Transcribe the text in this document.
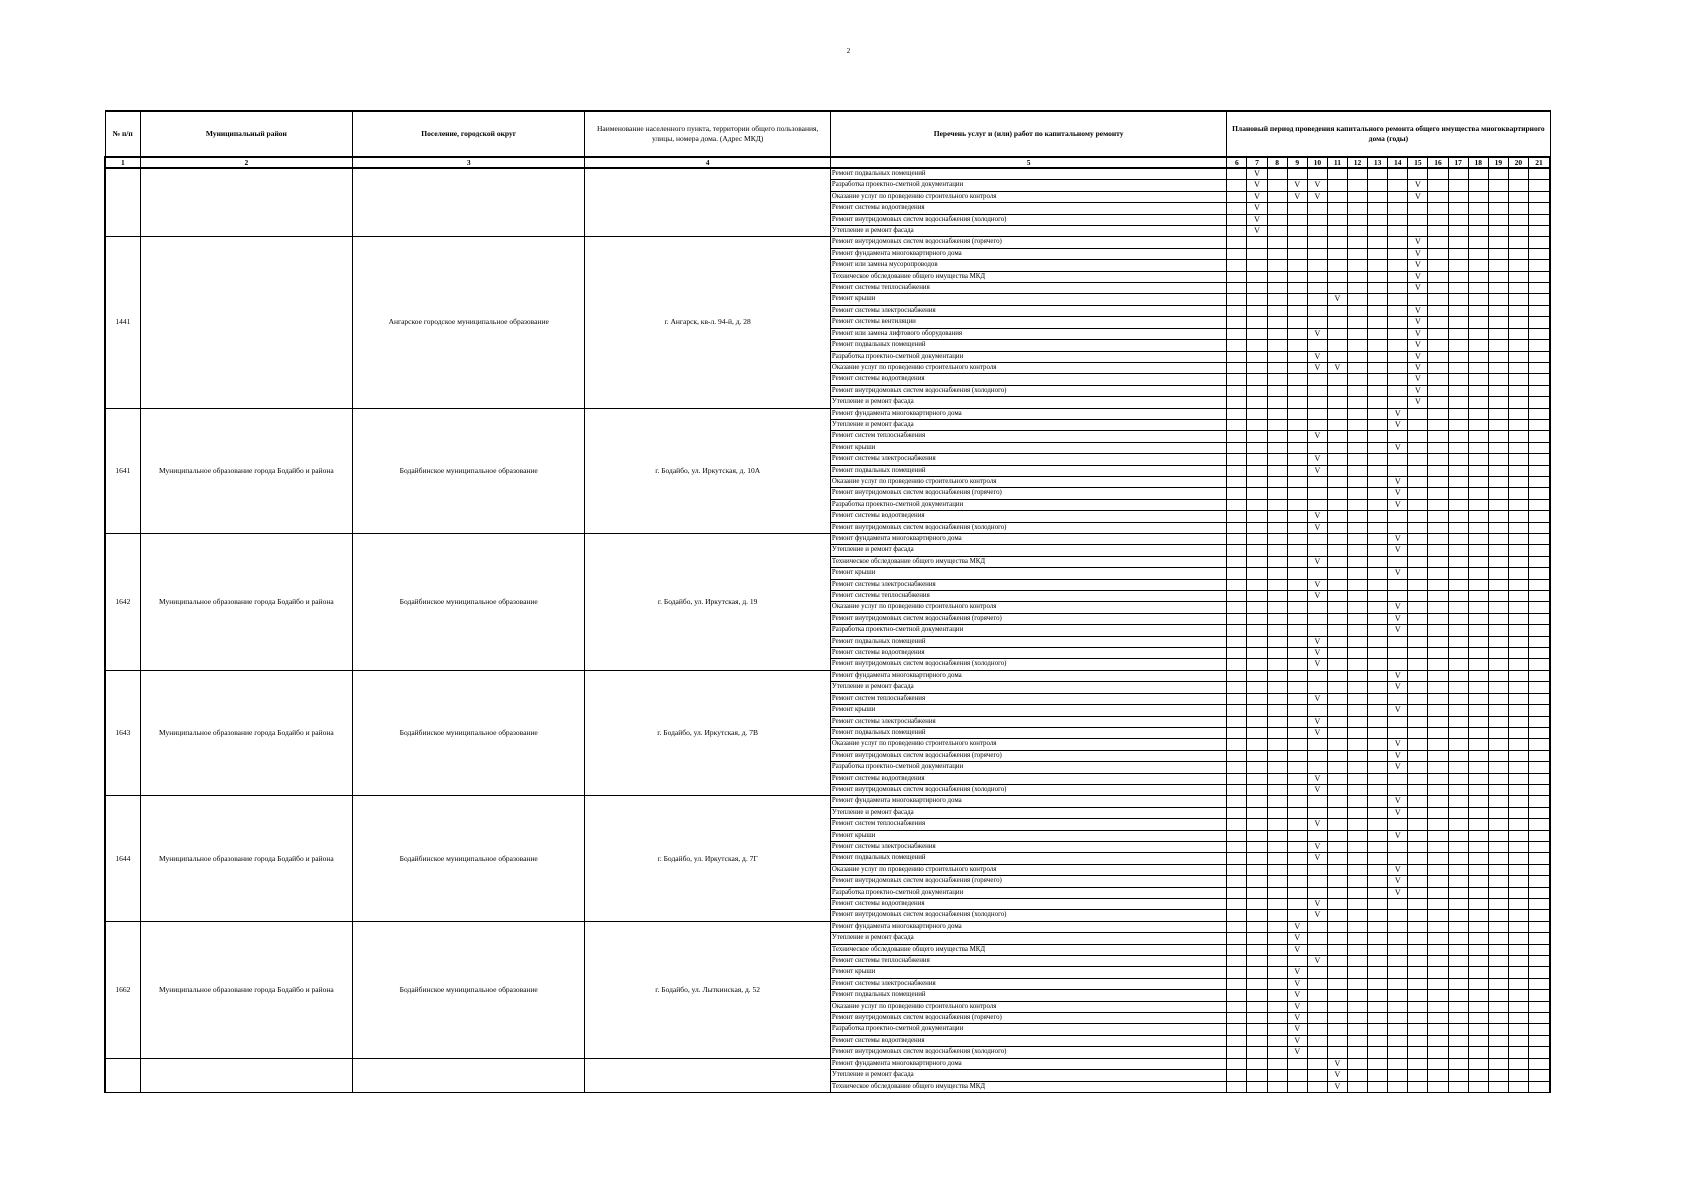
2
№ п/п	Муниципальный район	Поселение, городской округ	Наименование населенного пункта, территории общего пользования, улицы, номера дома. (Адрес МКД)	Перечень услуг и (или) работ по капитальному ремонту	Плановый период проведения капитального ремонта общего имущества многоквартирного дома (годы)															
1	2	3	4	5	6	7	8	9	10	11	12	13	14	15	16	17	18	19	20	21
				Ремонт подвальных помещений		V														
				Разработка проектно-сметной документации		V		V	V					V						
				Оказание услуг по проведению строительного контроля		V		V	V					V						
				Ремонт системы водоотведения		V														
				Ремонт внутридомовых систем водоснабжения (холодного)		V														
				Утепление и ремонт фасада		V														
1441		Ангарское городское муниципальное образование	г. Ангарск, кв-л. 94-й, д. 28	Ремонт внутридомовых систем водоснабжения (горячего)										V						
				Ремонт фундамента многоквартирного дома										V						
				Ремонт или замена мусоропроводов										V						
				Техническое обследование общего имущества МКД										V						
				Ремонт системы теплоснабжения										V						
				Ремонт крыши						V										
				Ремонт системы электроснабжения										V						
				Ремонт системы вентиляции										V						
				Ремонт или замена лифтового оборудования					V					V						
				Ремонт подвальных помещений										V						
				Разработка проектно-сметной документации					V					V						
				Оказание услуг по проведению строительного контроля					V	V				V						
				Ремонт системы водоотведения										V						
				Ремонт внутридомовых систем водоснабжения (холодного)										V						
				Утепление и ремонт фасада										V						
1641	Муниципальное образование города Бодайбо и района	Бодайбинское муниципальное образование	г. Бодайбо, ул. Иркутская, д. 10А	Ремонт фундамента многоквартирного дома									V							
				Утепление и ремонт фасада									V							
				Ремонт систем теплоснабжения					V											
				Ремонт крыши									V							
				Ремонт системы электроснабжения					V											
				Ремонт подвальных помещений					V											
				Оказание услуг по проведению строительного контроля									V							
				Ремонт внутридомовых систем водоснабжения (горячего)									V							
				Разработка проектно-сметной документации									V							
				Ремонт системы водоотведения					V											
				Ремонт внутридомовых систем водоснабжения (холодного)					V											
1642	Муниципальное образование города Бодайбо и района	Бодайбинское муниципальное образование	г. Бодайбо, ул. Иркутская, д. 19	Ремонт фундамента многоквартирного дома									V							
				Утепление и ремонт фасада									V							
				Техническое обследование общего имущества МКД					V											
				Ремонт крыши									V							
				Ремонт системы электроснабжения					V											
				Ремонт системы теплоснабжения					V											
				Оказание услуг по проведению строительного контроля									V							
				Ремонт внутридомовых систем водоснабжения (горячего)									V							
				Разработка проектно-сметной документации									V							
				Ремонт подвальных помещений					V											
				Ремонт системы водоотведения					V											
				Ремонт внутридомовых систем водоснабжения (холодного)					V											
1643	Муниципальное образование города Бодайбо и района	Бодайбинское муниципальное образование	г. Бодайбо, ул. Иркутская, д. 7В	Ремонт фундамента многоквартирного дома									V							
				Утепление и ремонт фасада									V							
				Ремонт систем теплоснабжения					V											
				Ремонт крыши									V							
				Ремонт системы электроснабжения					V											
				Ремонт подвальных помещений					V											
				Оказание услуг по проведению строительного контроля									V							
				Ремонт внутридомовых систем водоснабжения (горячего)									V							
				Разработка проектно-сметной документации									V							
				Ремонт системы водоотведения					V											
				Ремонт внутридомовых систем водоснабжения (холодного)					V											
1644	Муниципальное образование города Бодайбо и района	Бодайбинское муниципальное образование	г. Бодайбо, ул. Иркутская, д. 7Г	Ремонт фундамента многоквартирного дома									V							
				Утепление и ремонт фасада									V							
				Ремонт систем теплоснабжения					V											
				Ремонт крыши									V							
				Ремонт системы электроснабжения					V											
				Ремонт подвальных помещений					V											
				Оказание услуг по проведению строительного контроля									V							
				Ремонт внутридомовых систем водоснабжения (горячего)									V							
				Разработка проектно-сметной документации									V							
				Ремонт системы водоотведения					V											
				Ремонт внутридомовых систем водоснабжения (холодного)					V											
1662	Муниципальное образование города Бодайбо и района	Бодайбинское муниципальное образование	г. Бодайбо, ул. Лыткинская, д. 52	Ремонт фундамента многоквартирного дома				V												
				Утепление и ремонт фасада				V												
				Техническое обследование общего имущества МКД				V												
				Ремонт системы теплоснабжения					V											
				Ремонт крыши				V												
				Ремонт системы электроснабжения				V												
				Ремонт подвальных помещений				V												
				Оказание услуг по проведению строительного контроля				V												
				Ремонт внутридомовых систем водоснабжения (горячего)				V												
				Разработка проектно-сметной документации				V												
				Ремонт системы водоотведения				V												
				Ремонт внутридомовых систем водоснабжения (холодного)				V												
				Ремонт фундамента многоквартирного дома						V										
				Утепление и ремонт фасада						V										
				Техническое обследование общего имущества МКД						V										
